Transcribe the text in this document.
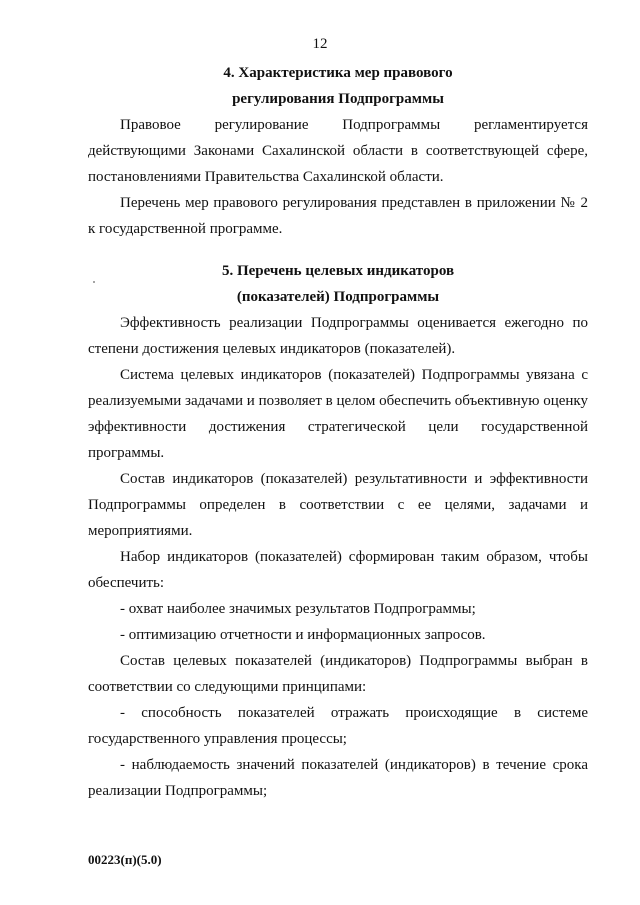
12
4. Характеристика мер правового
регулирования Подпрограммы

Правовое регулирование Подпрограммы регламентируется действующими Законами Сахалинской области в соответствующей сфере, постановлениями Правительства Сахалинской области.

Перечень мер правового регулирования представлен в приложении № 2 к государственной программе.

5. Перечень целевых индикаторов
(показателей) Подпрограммы

Эффективность реализации Подпрограммы оценивается ежегодно по степени достижения целевых индикаторов (показателей).

Система целевых индикаторов (показателей) Подпрограммы увязана с реализуемыми задачами и позволяет в целом обеспечить объективную оценку эффективности достижения стратегической цели государственной программы.

Состав индикаторов (показателей) результативности и эффективности Подпрограммы определен в соответствии с ее целями, задачами и мероприятиями.

Набор индикаторов (показателей) сформирован таким образом, чтобы обеспечить:

- охват наиболее значимых результатов Подпрограммы;

- оптимизацию отчетности и информационных запросов.

Состав целевых показателей (индикаторов) Подпрограммы выбран в соответствии со следующими принципами:

- способность показателей отражать происходящие в системе государственного управления процессы;

- наблюдаемость значений показателей (индикаторов) в течение срока реализации Подпрограммы;

00223(п)(5.0)
